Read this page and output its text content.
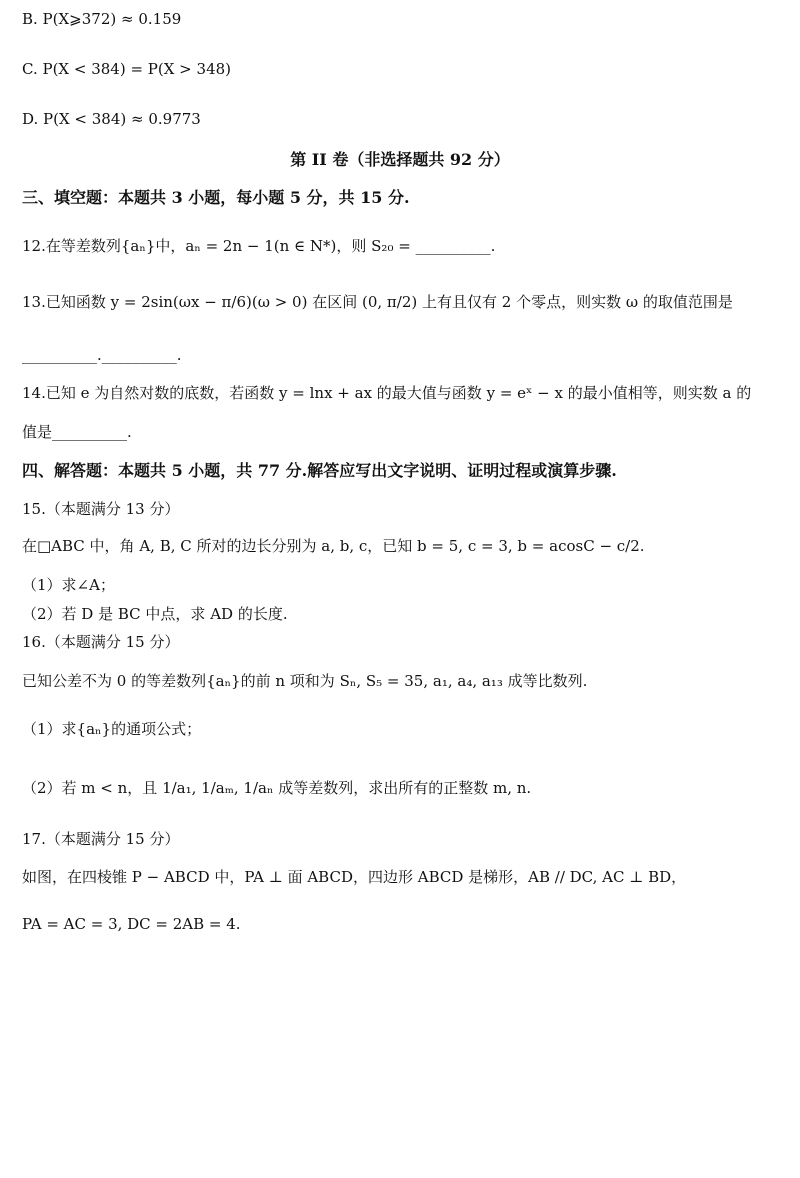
B. P(X⩾372) ≈ 0.159
C. P(X < 384) = P(X > 348)
D. P(X < 384) ≈ 0.9773
第 II 卷（非选择题共 92 分）
三、填空题：本题共 3 小题，每小题 5 分，共 15 分.
12.在等差数列{aₙ}中，aₙ = 2n − 1(n ∈ N*)，则 S₂₀ = __________.
13.已知函数 y = 2sin(ωx − π/6)(ω > 0) 在区间 (0, π/2) 上有且仅有 2 个零点，则实数 ω 的取值范围是
__________.__________.
14.已知 e 为自然对数的底数，若函数 y = lnx + ax 的最大值与函数 y = eˣ − x 的最小值相等，则实数 a 的
值是__________.
四、解答题：本题共 5 小题，共 77 分.解答应写出文字说明、证明过程或演算步骤.
15.（本题满分 13 分）
在□ABC 中，角 A, B, C 所对的边长分别为 a, b, c，已知 b = 5, c = 3, b = acosC − c/2.
（1）求∠A；
（2）若 D 是 BC 中点，求 AD 的长度.
16.（本题满分 15 分）
已知公差不为 0 的等差数列{aₙ}的前 n 项和为 Sₙ, S₅ = 35, a₁, a₄, a₁₃ 成等比数列.
（1）求{aₙ}的通项公式；
（2）若 m < n，且 1/a₁, 1/aₘ, 1/aₙ 成等差数列，求出所有的正整数 m, n.
17.（本题满分 15 分）
如图，在四棱锥 P − ABCD 中，PA ⊥ 面 ABCD，四边形 ABCD 是梯形，AB // DC, AC ⊥ BD，
PA = AC = 3, DC = 2AB = 4.
